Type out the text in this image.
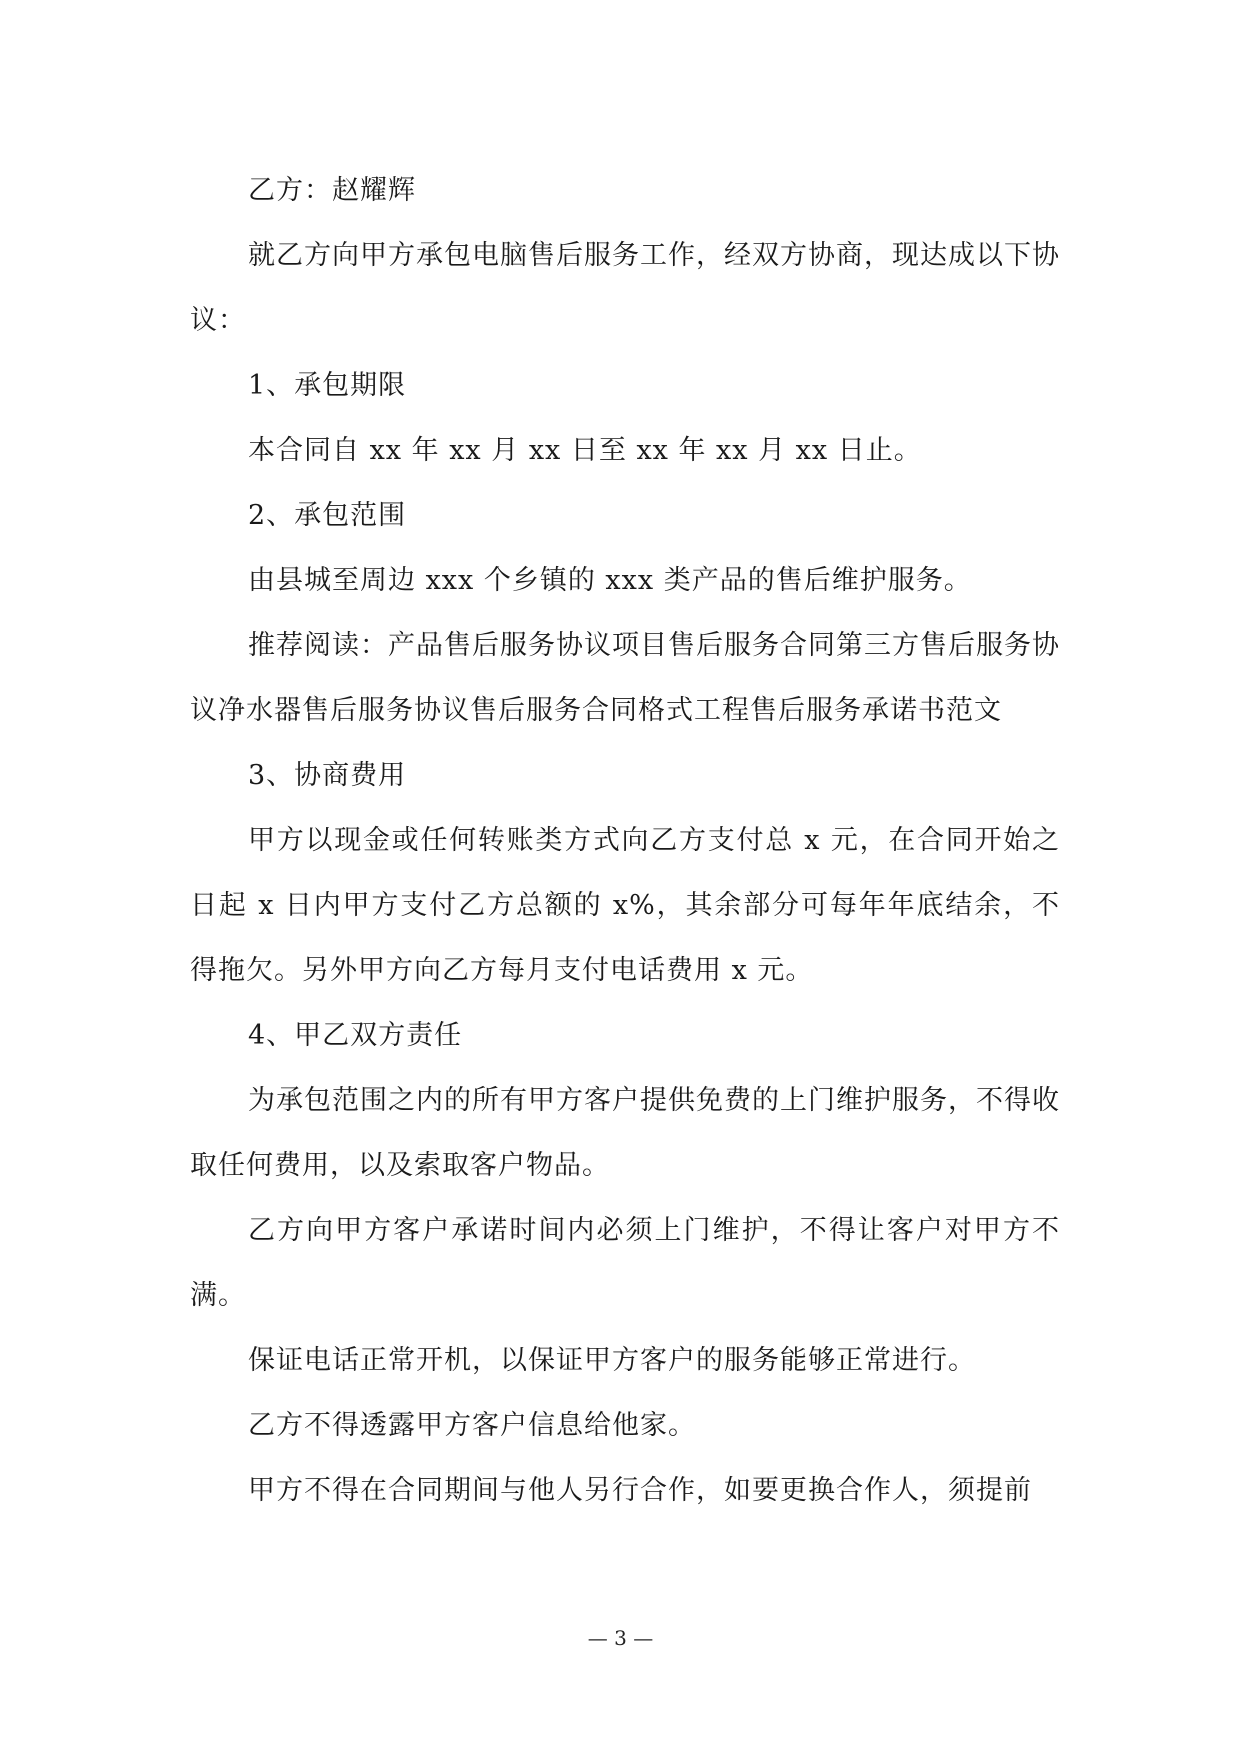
乙方：赵耀辉

就乙方向甲方承包电脑售后服务工作，经双方协商，现达成以下协议：

1、承包期限

本合同自 xx 年 xx 月 xx 日至 xx 年 xx 月 xx 日止。

2、承包范围

由县城至周边 xxx 个乡镇的 xxx 类产品的售后维护服务。

推荐阅读：产品售后服务协议项目售后服务合同第三方售后服务协议净水器售后服务协议售后服务合同格式工程售后服务承诺书范文

3、协商费用

甲方以现金或任何转账类方式向乙方支付总 x 元，在合同开始之日起 x 日内甲方支付乙方总额的 x%，其余部分可每年年底结余，不得拖欠。另外甲方向乙方每月支付电话费用 x 元。

4、甲乙双方责任

为承包范围之内的所有甲方客户提供免费的上门维护服务，不得收取任何费用，以及索取客户物品。

乙方向甲方客户承诺时间内必须上门维护，不得让客户对甲方不满。

保证电话正常开机，以保证甲方客户的服务能够正常进行。

乙方不得透露甲方客户信息给他家。

甲方不得在合同期间与他人另行合作，如要更换合作人，须提前

— 3 —
